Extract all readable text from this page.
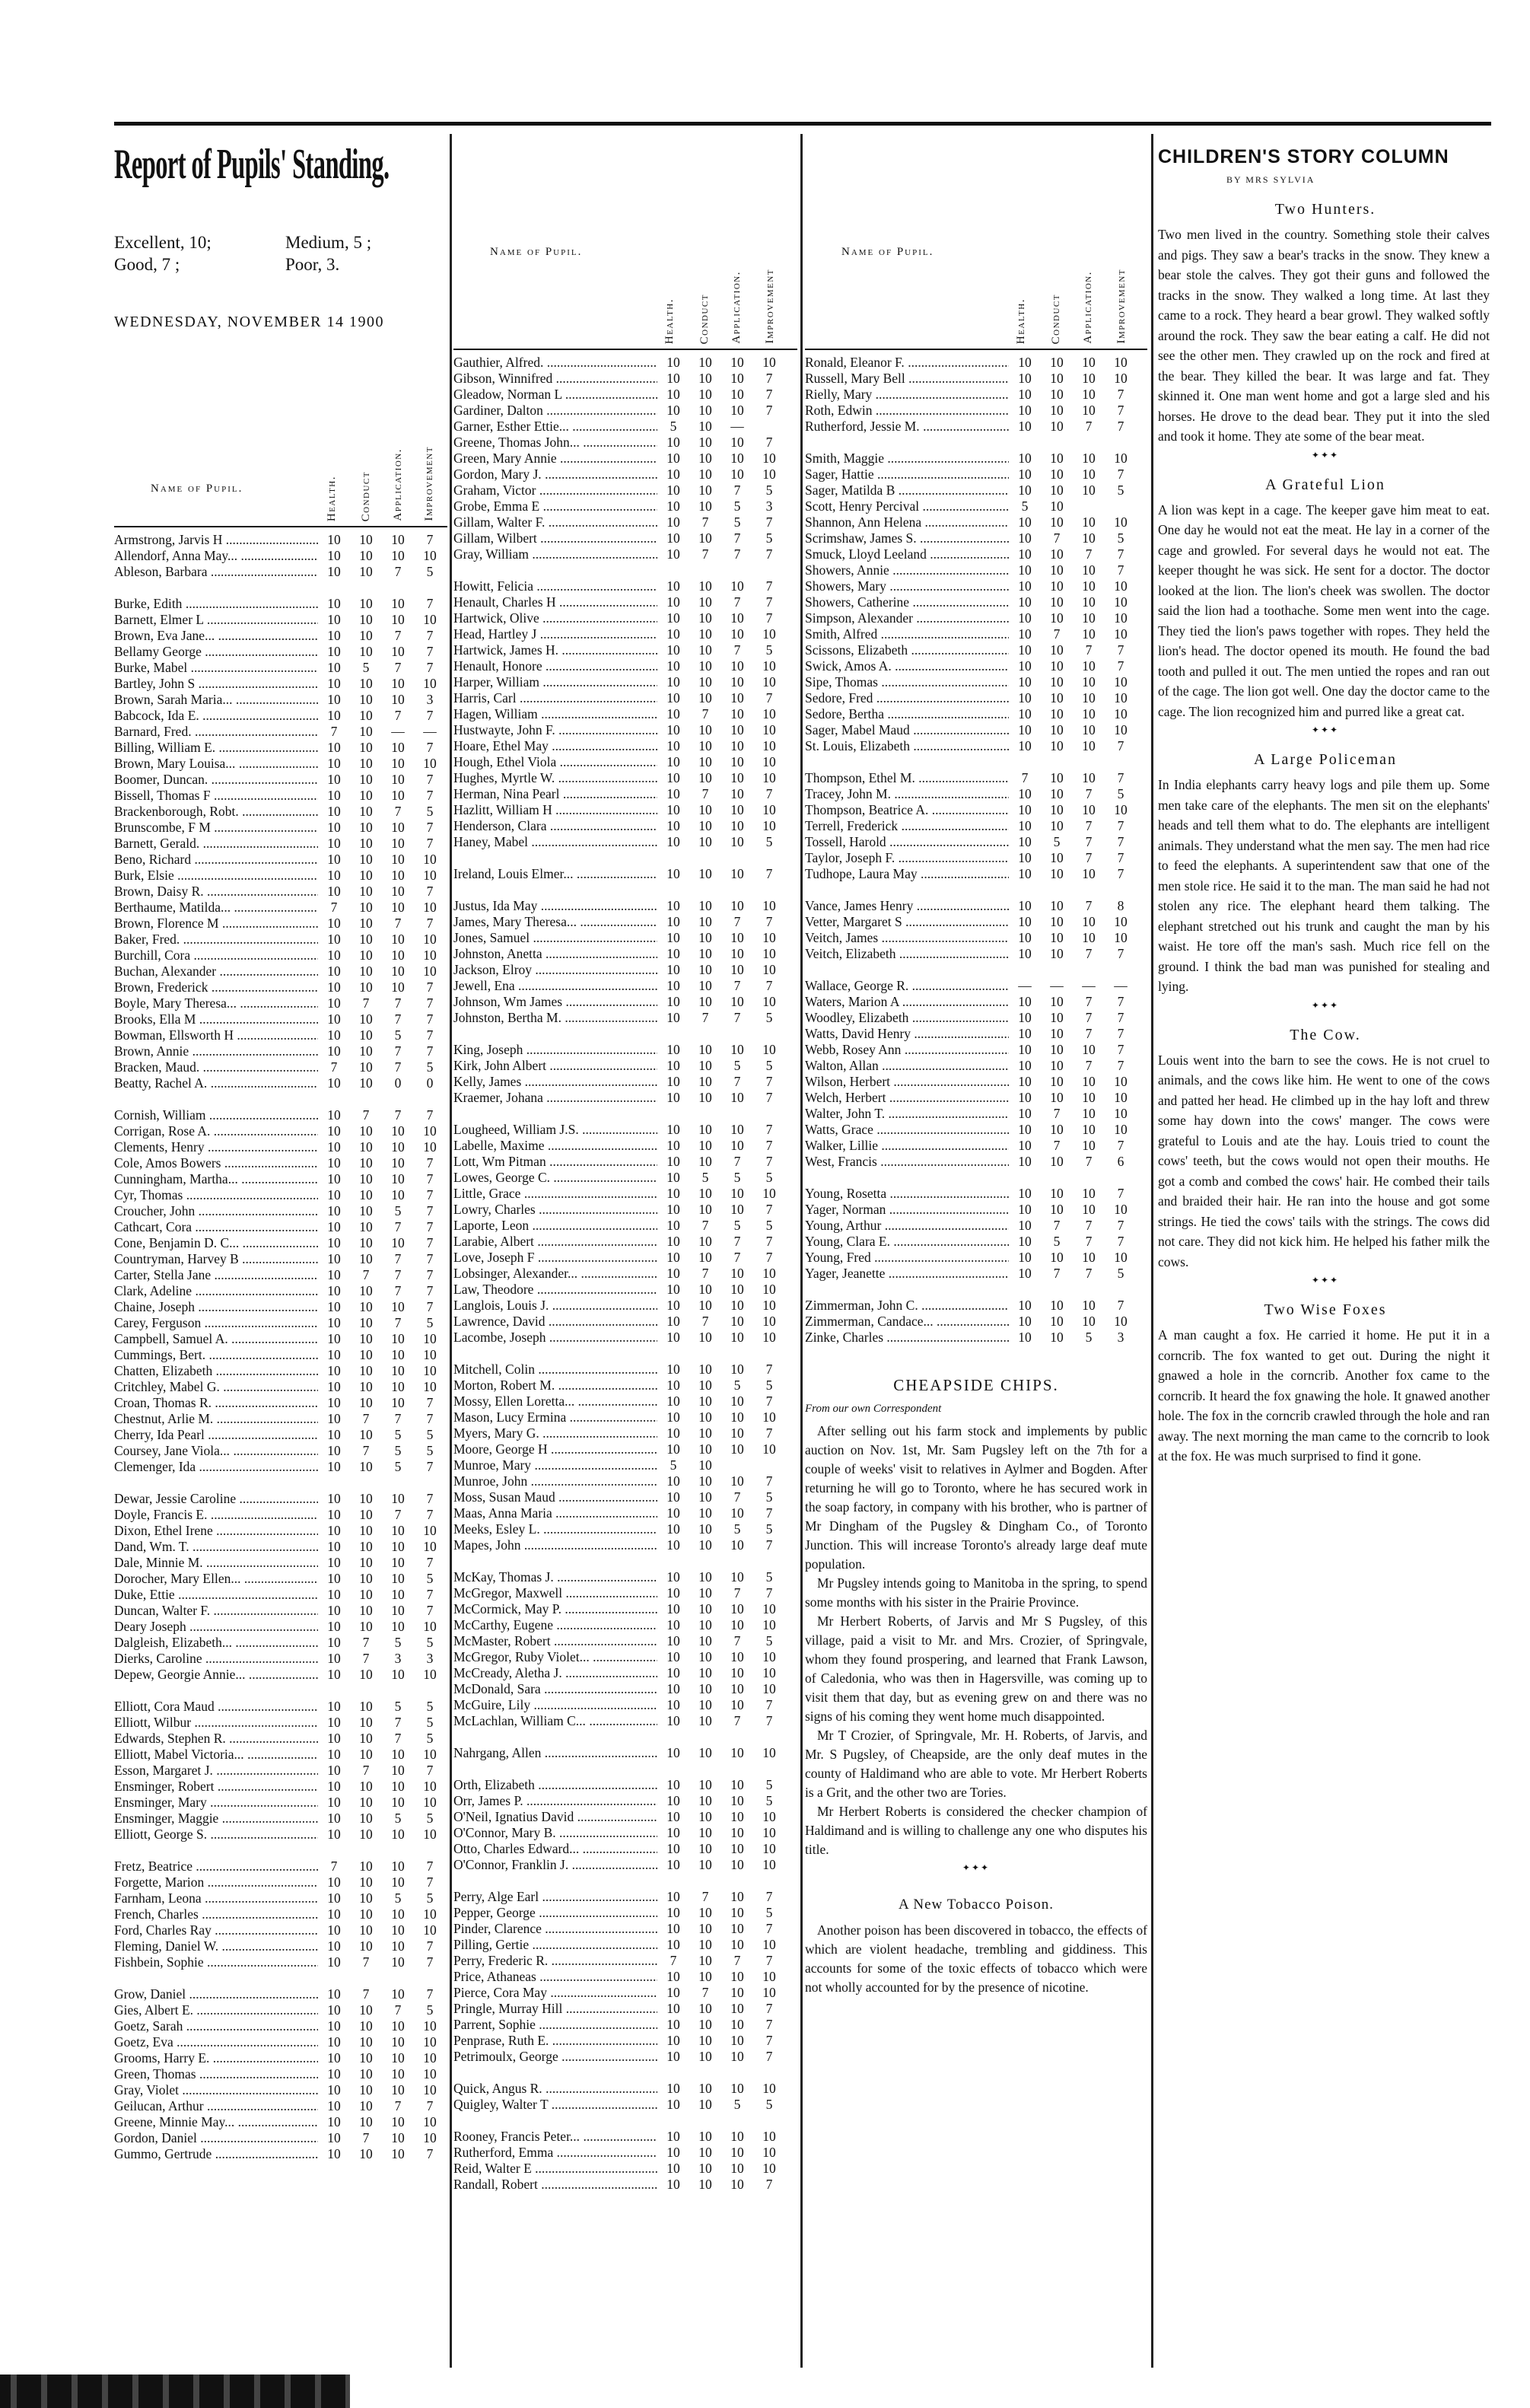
Report of Pupils' Standing.
Excellent, 10;	Medium, 5 ;
Good, 7 ;	Poor, 3.
WEDNESDAY, NOVEMBER 14 1900
Name of Pupil.	Health.	Conduct	Application.	Improvement
Armstrong, Jarvis H .....	10	10	10	7
Allendorf, Anna May... .....	10	10	10	10
Ableson, Barbara .....	10	10	7	5
Burke, Edith .....	10	10	10	7
Barnett, Elmer L .....	10	10	10	10
Brown, Eva Jane... .....	10	10	7	7
Bellamy George .....	10	10	10	7
Burke, Mabel .....	10	5	7	7
Bartley, John S .....	10	10	10	10
Brown, Sarah Maria... .....	10	10	10	3
Babcock, Ida E. .....	10	10	7	7
Barnard, Fred. .....	7	10	—	—
Billing, William E. .....	10	10	10	7
Brown, Mary Louisa... .....	10	10	10	10
Boomer, Duncan. .....	10	10	10	7
Bissell, Thomas F .....	10	10	10	7
Brackenborough, Robt. .....	10	10	7	5
Brunscombe, F M .....	10	10	10	7
Barnett, Gerald. .....	10	10	10	7
Beno, Richard .....	10	10	10	10
Burk, Elsie .....	10	10	10	10
Brown, Daisy R. .....	10	10	10	7
Berthaume, Matilda... .....	7	10	10	10
Brown, Florence M .....	10	10	7	7
Baker, Fred. .....	10	10	10	10
Burchill, Cora .....	10	10	10	10
Buchan, Alexander .....	10	10	10	10
Brown, Frederick .....	10	10	10	7
Boyle, Mary Theresa... .....	10	7	7	7
Brooks, Ella M .....	10	10	7	7
Bowman, Ellsworth H .....	10	10	5	7
Brown, Annie .....	10	10	7	7
Bracken, Maud. .....	7	10	7	5
Beatty, Rachel A. .....	10	10	0	0
Cornish, William .....	10	7	7	7
Corrigan, Rose A. .....	10	10	10	10
Clements, Henry .....	10	10	10	10
Cole, Amos Bowers .....	10	10	10	7
Cunningham, Martha... .....	10	10	10	7
Cyr, Thomas .....	10	10	10	7
Croucher, John .....	10	10	5	7
Cathcart, Cora .....	10	10	7	7
Cone, Benjamin D. C... .....	10	10	10	7
Countryman, Harvey B .....	10	10	7	7
Carter, Stella Jane .....	10	7	7	7
Clark, Adeline .....	10	10	7	7
Chaine, Joseph .....	10	10	10	7
Carey, Ferguson .....	10	10	7	5
Campbell, Samuel A. .....	10	10	10	10
Cummings, Bert. .....	10	10	10	10
Chatten, Elizabeth .....	10	10	10	10
Critchley, Mabel G. .....	10	10	10	10
Croan, Thomas R. .....	10	10	10	7
Chestnut, Arlie M. .....	10	7	7	7
Cherry, Ida Pearl .....	10	10	5	5
Coursey, Jane Viola... .....	10	7	5	5
Clemenger, Ida .....	10	10	5	7
Dewar, Jessie Caroline .....	10	10	10	7
Doyle, Francis E. .....	10	10	7	7
Dixon, Ethel Irene .....	10	10	10	10
Dand, Wm. T. .....	10	10	10	10
Dale, Minnie M. .....	10	10	10	7
Dorocher, Mary Ellen... .....	10	10	10	5
Duke, Ettie .....	10	10	10	7
Duncan, Walter F. .....	10	10	10	7
Deary Joseph .....	10	10	10	10
Dalgleish, Elizabeth... .....	10	7	5	5
Dierks, Caroline .....	10	7	3	3
Depew, Georgie Annie... .....	10	10	10	10
Elliott, Cora Maud .....	10	10	5	5
Elliott, Wilbur .....	10	10	7	5
Edwards, Stephen R. .....	10	10	7	5
Elliott, Mabel Victoria... .....	10	10	10	10
Esson, Margaret J. .....	10	7	10	7
Ensminger, Robert .....	10	10	10	10
Ensminger, Mary .....	10	10	10	10
Ensminger, Maggie .....	10	10	5	5
Elliott, George S. .....	10	10	10	10
Fretz, Beatrice .....	7	10	10	7
Forgette, Marion .....	10	10	10	7
Farnham, Leona .....	10	10	5	5
French, Charles .....	10	10	10	10
Ford, Charles Ray .....	10	10	10	10
Fleming, Daniel W. .....	10	10	10	7
Fishbein, Sophie .....	10	7	10	7
Grow, Daniel .....	10	7	10	7
Gies, Albert E. .....	10	10	7	5
Goetz, Sarah .....	10	10	10	10
Goetz, Eva .....	10	10	10	10
Grooms, Harry E. .....	10	10	10	10
Green, Thomas .....	10	10	10	10
Gray, Violet .....	10	10	10	10
Geilucan, Arthur .....	10	10	7	7
Greene, Minnie May... .....	10	10	10	10
Gordon, Daniel .....	10	7	10	10
Gummo, Gertrude .....	10	10	10	7
Name of Pupil.
Health.	Conduct	Application.	Improvement
Gauthier, Alfred. .....	10	10	10	10
Gibson, Winnifred .....	10	10	10	7
Gleadow, Norman L .....	10	10	10	7
Gardiner, Dalton .....	10	10	10	7
Garner, Esther Ettie... .....	5	10	—
Greene, Thomas John... .....	10	10	10	7
Green, Mary Annie .....	10	10	10	10
Gordon, Mary J. .....	10	10	10	10
Graham, Victor .....	10	10	7	5
Grobe, Emma E .....	10	10	5	3
Gillam, Walter F. .....	10	7	5	7
Gillam, Wilbert .....	10	10	7	5
Gray, William .....	10	7	7	7
Howitt, Felicia .....	10	10	10	7
Henault, Charles H .....	10	10	7	7
Hartwick, Olive .....	10	10	10	7
Head, Hartley J .....	10	10	10	10
Hartwick, James H. .....	10	10	7	5
Henault, Honore .....	10	10	10	10
Harper, William .....	10	10	10	10
Harris, Carl .....	10	10	10	7
Hagen, William .....	10	7	10	10
Hustwayte, John F. .....	10	10	10	10
Hoare, Ethel May .....	10	10	10	10
Hough, Ethel Viola .....	10	10	10	10
Hughes, Myrtle W. .....	10	10	10	10
Herman, Nina Pearl .....	10	7	10	7
Hazlitt, William H .....	10	10	10	10
Henderson, Clara .....	10	10	10	10
Haney, Mabel .....	10	10	10	5
Ireland, Louis Elmer... .....	10	10	10	7
Justus, Ida May .....	10	10	10	10
James, Mary Theresa... .....	10	10	7	7
Jones, Samuel .....	10	10	10	10
Johnston, Anetta .....	10	10	10	10
Jackson, Elroy .....	10	10	10	10
Jewell, Ena .....	10	10	7	7
Johnson, Wm James .....	10	10	10	10
Johnston, Bertha M. .....	10	7	7	5
King, Joseph .....	10	10	10	10
Kirk, John Albert .....	10	10	5	5
Kelly, James .....	10	10	7	7
Kraemer, Johana .....	10	10	10	7
Lougheed, William J.S. .....	10	10	10	7
Labelle, Maxime .....	10	10	10	7
Lott, Wm Pitman .....	10	10	7	7
Lowes, George C. .....	10	5	5	5
Little, Grace .....	10	10	10	10
Lowry, Charles .....	10	10	10	7
Laporte, Leon .....	10	7	5	5
Larabie, Albert .....	10	10	7	7
Love, Joseph F .....	10	10	7	7
Lobsinger, Alexander... .....	10	7	10	10
Law, Theodore .....	10	10	10	10
Langlois, Louis J. .....	10	10	10	10
Lawrence, David .....	10	7	10	10
Lacombe, Joseph .....	10	10	10	10
Mitchell, Colin .....	10	10	10	7
Morton, Robert M. .....	10	10	5	5
Mossy, Ellen Loretta... .....	10	10	10	7
Mason, Lucy Ermina .....	10	10	10	10
Myers, Mary G. .....	10	10	10	7
Moore, George H .....	10	10	10	10
Munroe, Mary .....	5	10
Munroe, John .....	10	10	10	7
Moss, Susan Maud .....	10	10	7	5
Maas, Anna Maria .....	10	10	10	7
Meeks, Esley L. .....	10	10	5	5
Mapes, John .....	10	10	10	7
McKay, Thomas J. .....	10	10	10	5
McGregor, Maxwell .....	10	10	7	7
McCormick, May P. .....	10	10	10	10
McCarthy, Eugene .....	10	10	10	10
McMaster, Robert .....	10	10	7	5
McGregor, Ruby Violet... .....	10	10	10	10
McCready, Aletha J. .....	10	10	10	10
McDonald, Sara .....	10	10	10	10
McGuire, Lily .....	10	10	10	7
McLachlan, William C... .....	10	10	7	7
Nahrgang, Allen .....	10	10	10	10
Orth, Elizabeth .....	10	10	10	5
Orr, James P. .....	10	10	10	5
O'Neil, Ignatius David .....	10	10	10	10
O'Connor, Mary B. .....	10	10	10	10
Otto, Charles Edward... .....	10	10	10	10
O'Connor, Franklin J. .....	10	10	10	10
Perry, Alge Earl .....	10	7	10	7
Pepper, George .....	10	10	10	5
Pinder, Clarence .....	10	10	10	7
Pilling, Gertie .....	10	10	10	10
Perry, Frederic R. .....	7	10	7	7
Price, Athaneas .....	10	10	10	10
Pierce, Cora May .....	10	7	10	10
Pringle, Murray Hill .....	10	10	10	7
Parrent, Sophie .....	10	10	10	7
Penprase, Ruth E. .....	10	10	10	7
Petrimoulx, George .....	10	10	10	7
Quick, Angus R. .....	10	10	10	10
Quigley, Walter T .....	10	10	5	5
Rooney, Francis Peter... .....	10	10	10	10
Rutherford, Emma .....	10	10	10	10
Reid, Walter E .....	10	10	10	10
Randall, Robert .....	10	10	10	7
Name of Pupil.
Health.	Conduct	Application.	Improvement
Ronald, Eleanor F. .....	10	10	10	10
Russell, Mary Bell .....	10	10	10	10
Rielly, Mary .....	10	10	10	7
Roth, Edwin .....	10	10	10	7
Rutherford, Jessie M. .....	10	10	7	7
Smith, Maggie .....	10	10	10	10
Sager, Hattie .....	10	10	10	7
Sager, Matilda B .....	10	10	10	5
Scott, Henry Percival .....	5	10
Shannon, Ann Helena .....	10	10	10	10
Scrimshaw, James S. .....	10	7	10	5
Smuck, Lloyd Leeland .....	10	10	7	7
Showers, Annie .....	10	10	10	7
Showers, Mary .....	10	10	10	10
Showers, Catherine .....	10	10	10	10
Simpson, Alexander .....	10	10	10	10
Smith, Alfred .....	10	7	10	10
Scissons, Elizabeth .....	10	10	7	7
Swick, Amos A. .....	10	10	10	7
Sipe, Thomas .....	10	10	10	10
Sedore, Fred .....	10	10	10	10
Sedore, Bertha .....	10	10	10	10
Sager, Mabel Maud .....	10	10	10	10
St. Louis, Elizabeth .....	10	10	10	7
Thompson, Ethel M. .....	7	10	10	7
Tracey, John M. .....	10	10	7	5
Thompson, Beatrice A. .....	10	10	10	10
Terrell, Frederick .....	10	10	7	7
Tossell, Harold .....	10	5	7	7
Taylor, Joseph F. .....	10	10	7	7
Tudhope, Laura May .....	10	10	10	7
Vance, James Henry .....	10	10	7	8
Vetter, Margaret S .....	10	10	10	10
Veitch, James .....	10	10	10	10
Veitch, Elizabeth .....	10	10	7	7
Wallace, George R. .....	—	—	—	—
Waters, Marion A .....	10	10	7	7
Woodley, Elizabeth .....	10	10	7	7
Watts, David Henry .....	10	10	7	7
Webb, Rosey Ann .....	10	10	10	7
Walton, Allan .....	10	10	7	7
Wilson, Herbert .....	10	10	10	10
Welch, Herbert .....	10	10	10	10
Walter, John T. .....	10	7	10	10
Watts, Grace .....	10	10	10	10
Walker, Lillie .....	10	7	10	7
West, Francis .....	10	10	7	6
Young, Rosetta .....	10	10	10	7
Yager, Norman .....	10	10	10	10
Young, Arthur .....	10	7	7	7
Young, Clara E. .....	10	5	7	7
Young, Fred .....	10	10	10	10
Yager, Jeanette .....	10	7	7	5
Zimmerman, John C. .....	10	10	10	7
Zimmerman, Candace... .....	10	10	10	10
Zinke, Charles .....	10	10	5	3
CHEAPSIDE CHIPS.
From our own Correspondent

After selling out his farm stock and implements by public auction on Nov. 1st, Mr. Sam Pugsley left on the 7th for a couple of weeks' visit to relatives in Aylmer and Bogden. After returning he will go to Toronto, where he has secured work in the soap factory, in company with his brother, who is partner of Mr Dingham of the Pugsley & Dingham Co., of Toronto Junction. This will increase Toronto's already large deaf mute population.

Mr Pugsley intends going to Manitoba in the spring, to spend some months with his sister in the Prairie Province.

Mr Herbert Roberts, of Jarvis and Mr S Pugsley, of this village, paid a visit to Mr. and Mrs. Crozier, of Springvale, whom they found prospering, and learned that Frank Lawson, of Caledonia, who was then in Hagersville, was coming up to visit them that day, but as evening grew on and there was no signs of his coming they went home much disappointed.

Mr T Crozier, of Springvale, Mr. H. Roberts, of Jarvis, and Mr. S Pugsley, of Cheapside, are the only deaf mutes in the county of Haldimand who are able to vote. Mr Herbert Roberts is a Grit, and the other two are Tories.

Mr Herbert Roberts is considered the checker champion of Haldimand and is willing to challenge any one who disputes his title.

✦✦✦
A New Tobacco Poison.

Another poison has been discovered in tobacco, the effects of which are violent headache, trembling and giddiness. This accounts for some of the toxic effects of tobacco which were not wholly accounted for by the presence of nicotine.

CHILDREN'S STORY COLUMN
BY MRS SYLVIA
Two Hunters.
Two men lived in the country. Something stole their calves and pigs. They saw a bear's tracks in the snow. They knew a bear stole the calves. They got their guns and followed the tracks in the snow. They walked a long time. At last they came to a rock. They heard a bear growl. They walked softly around the rock. They saw the bear eating a calf. He did not see the other men. They crawled up on the rock and fired at the bear. They killed the bear. It was large and fat. They skinned it. One man went home and got a large sled and his horses. He drove to the dead bear. They put it into the sled and took it home. They ate some of the bear meat.
✦✦✦
A Grateful Lion
A lion was kept in a cage. The keeper gave him meat to eat. One day he would not eat the meat. He lay in a corner of the cage and growled. For several days he would not eat. The keeper thought he was sick. He sent for a doctor. The doctor looked at the lion. The lion's cheek was swollen. The doctor said the lion had a toothache. Some men went into the cage. They tied the lion's paws together with ropes. They held the lion's head. The doctor opened its mouth. He found the bad tooth and pulled it out. The men untied the ropes and ran out of the cage. The lion got well. One day the doctor came to the cage. The lion recognized him and purred like a great cat.
✦✦✦
A Large Policeman
In India elephants carry heavy logs and pile them up. Some men take care of the elephants. The men sit on the elephants' heads and tell them what to do. The elephants are intelligent animals. They understand what the men say. The men had rice to feed the elephants. A superintendent saw that one of the men stole rice. He said it to the man. The man said he had not stolen any rice. The elephant heard them talking. The elephant stretched out his trunk and caught the man by his waist. He tore off the man's sash. Much rice fell on the ground. I think the bad man was punished for stealing and lying.
✦✦✦
The Cow.
Louis went into the barn to see the cows. He is not cruel to animals, and the cows like him. He went to one of the cows and patted her head. He climbed up in the hay loft and threw some hay down into the cows' manger. The cows were grateful to Louis and ate the hay. Louis tried to count the cows' teeth, but the cows would not open their mouths. He got a comb and combed the cows' hair. He combed their tails and braided their hair. He ran into the house and got some strings. He tied the cows' tails with the strings. The cows did not care. They did not kick him. He helped his father milk the cows.
✦✦✦
Two Wise Foxes
A man caught a fox. He carried it home. He put it in a corncrib. The fox wanted to get out. During the night it gnawed a hole in the corncrib. Another fox came to the corncrib. It heard the fox gnawing the hole. It gnawed another hole. The fox in the corncrib crawled through the hole and ran away. The next morning the man came to the corncrib to look at the fox. He was much surprised to find it gone.
